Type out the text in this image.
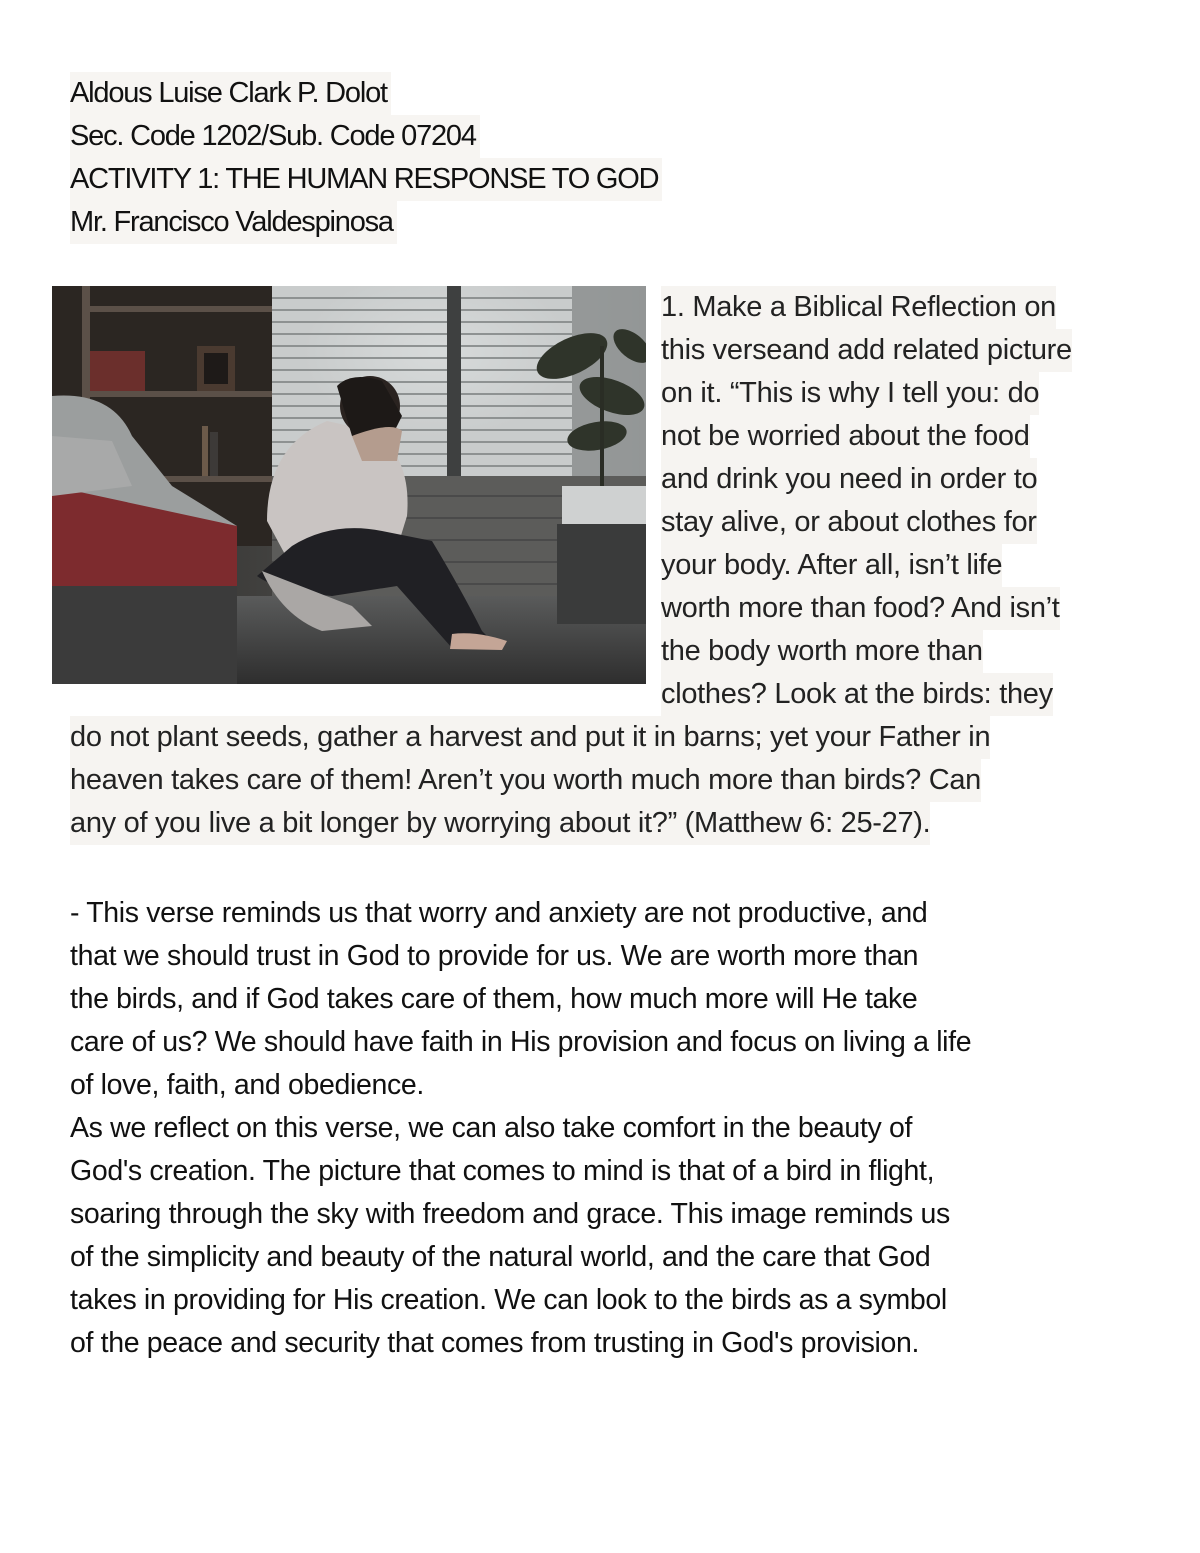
Aldous Luise Clark P. Dolot
Sec. Code 1202/Sub. Code 07204
ACTIVITY 1: THE HUMAN RESPONSE TO GOD
Mr. Francisco Valdespinosa
1. Make a Biblical Reflection on
this verseand add related picture
on it. “This is why I tell you: do
not be worried about the food
and drink you need in order to
stay alive, or about clothes for
your body. After all, isn’t life
worth more than food? And isn’t
the body worth more than
clothes? Look at the birds: they
do not plant seeds, gather a harvest and put it in barns; yet your Father in
heaven takes care of them! Aren’t you worth much more than birds? Can
any of you live a bit longer by worrying about it?” (Matthew 6: 25-27).
- This verse reminds us that worry and anxiety are not productive, and
that we should trust in God to provide for us. We are worth more than
the birds, and if God takes care of them, how much more will He take
care of us? We should have faith in His provision and focus on living a life
of love, faith, and obedience.
As we reflect on this verse, we can also take comfort in the beauty of
God's creation. The picture that comes to mind is that of a bird in flight,
soaring through the sky with freedom and grace. This image reminds us
of the simplicity and beauty of the natural world, and the care that God
takes in providing for His creation. We can look to the birds as a symbol
of the peace and security that comes from trusting in God's provision.
